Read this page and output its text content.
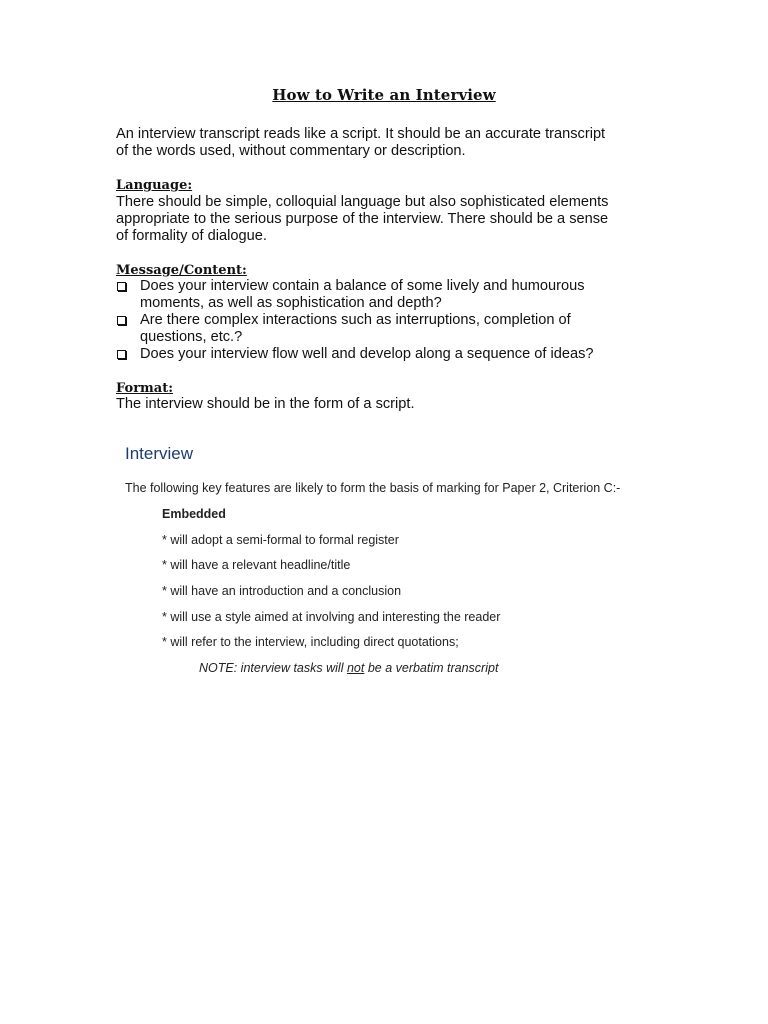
How to Write an Interview
An interview transcript reads like a script. It should be an accurate transcript
of the words used, without commentary or description.
Language:
There should be simple, colloquial language but also sophisticated elements
appropriate to the serious purpose of the interview. There should be a sense
of formality of dialogue.
Message/Content:
Does your interview contain a balance of some lively and humourous
moments, as well as sophistication and depth?
Are there complex interactions such as interruptions, completion of
questions, etc.?
Does your interview flow well and develop along a sequence of ideas?
Format:
The interview should be in the form of a script.
Interview
The following key features are likely to form the basis of marking for Paper 2, Criterion C:-
Embedded
* will adopt a semi-formal to formal register
* will have a relevant headline/title
* will have an introduction and a conclusion
* will use a style aimed at involving and interesting the reader
* will refer to the interview, including direct quotations;
NOTE: interview tasks will not be a verbatim transcript
